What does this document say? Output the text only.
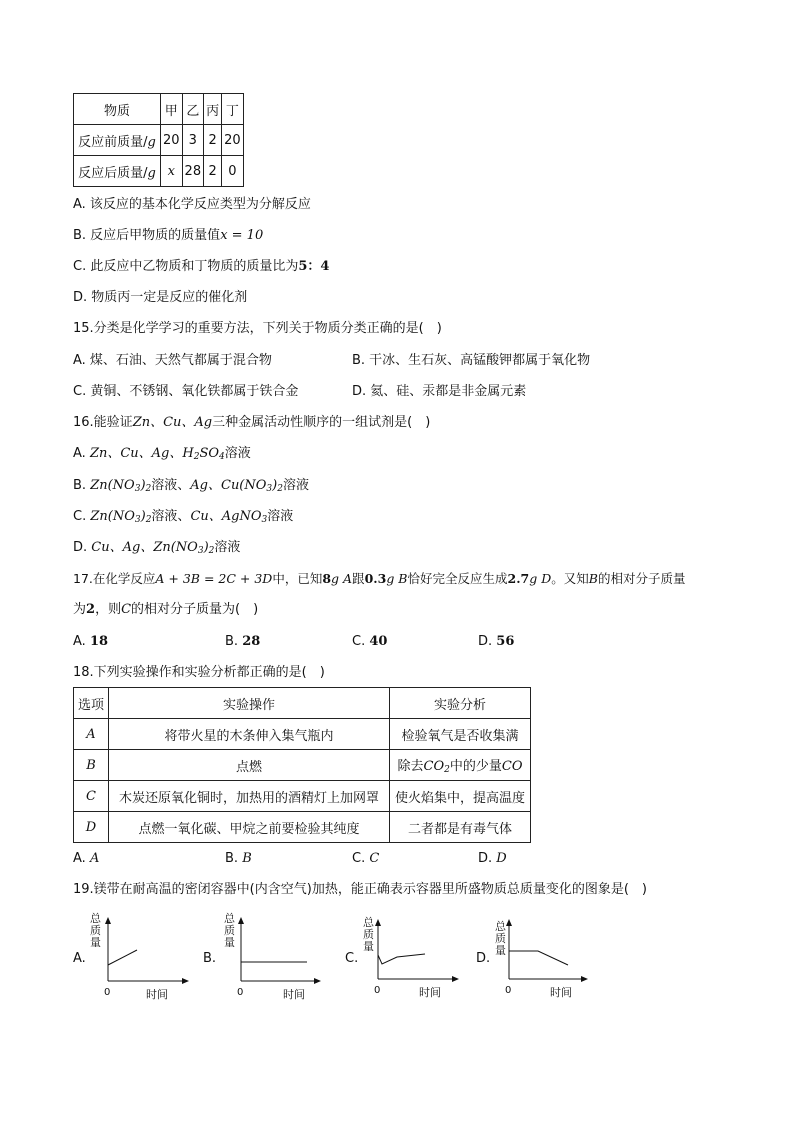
物质	甲	乙	丙	丁
反应前质量/g	20	3	2	20
反应后质量/g	x	28	2	0
A. 该反应的基本化学反应类型为分解反应
B. 反应后甲物质的质量值x = 10
C. 此反应中乙物质和丁物质的质量比为5：4
D. 物质丙一定是反应的催化剂
15.分类是化学学习的重要方法，下列关于物质分类正确的是(　)
A. 煤、石油、天然气都属于混合物	B. 干冰、生石灰、高锰酸钾都属于氧化物
C. 黄铜、不锈钢、氧化铁都属于铁合金	D. 氦、硅、汞都是非金属元素
16.能验证Zn、Cu、Ag三种金属活动性顺序的一组试剂是(　)
A. Zn、Cu、Ag、$H_2SO_4$溶液
B. $Zn(NO_3)_2$溶液、Ag、$Cu(NO_3)_2$溶液
C. $Zn(NO_3)_2$溶液、Cu、AgNO$_3$溶液
D. Cu、Ag、$Zn(NO_3)_2$溶液
17.在化学反应A + 3B = 2C + 3D中，已知8g A跟0.3g B恰好完全反应生成2.7g D。又知B的相对分子质量
为2，则C的相对分子质量为(　)
A. 18	B. 28	C. 40	D. 56
18.下列实验操作和实验分析都正确的是(　)
选项	实验操作	实验分析
A	将带火星的木条伸入集气瓶内	检验氧气是否收集满
B	点燃	除去$CO_2$中的少量CO
C	木炭还原氧化铜时，加热用的酒精灯上加网罩	使火焰集中，提高温度
D	点燃一氧化碳、甲烷之前要检验其纯度	二者都是有毒气体
A. A	B. B	C. C	D. D
19.镁带在耐高温的密闭容器中(内含空气)加热，能正确表示容器里所盛物质总质量变化的图象是(　)
A.
总
质
量
0	时间
B.
总
质
量
0	时间
C.
总
质
量
0	时间
D.
总
质
量
0	时间
